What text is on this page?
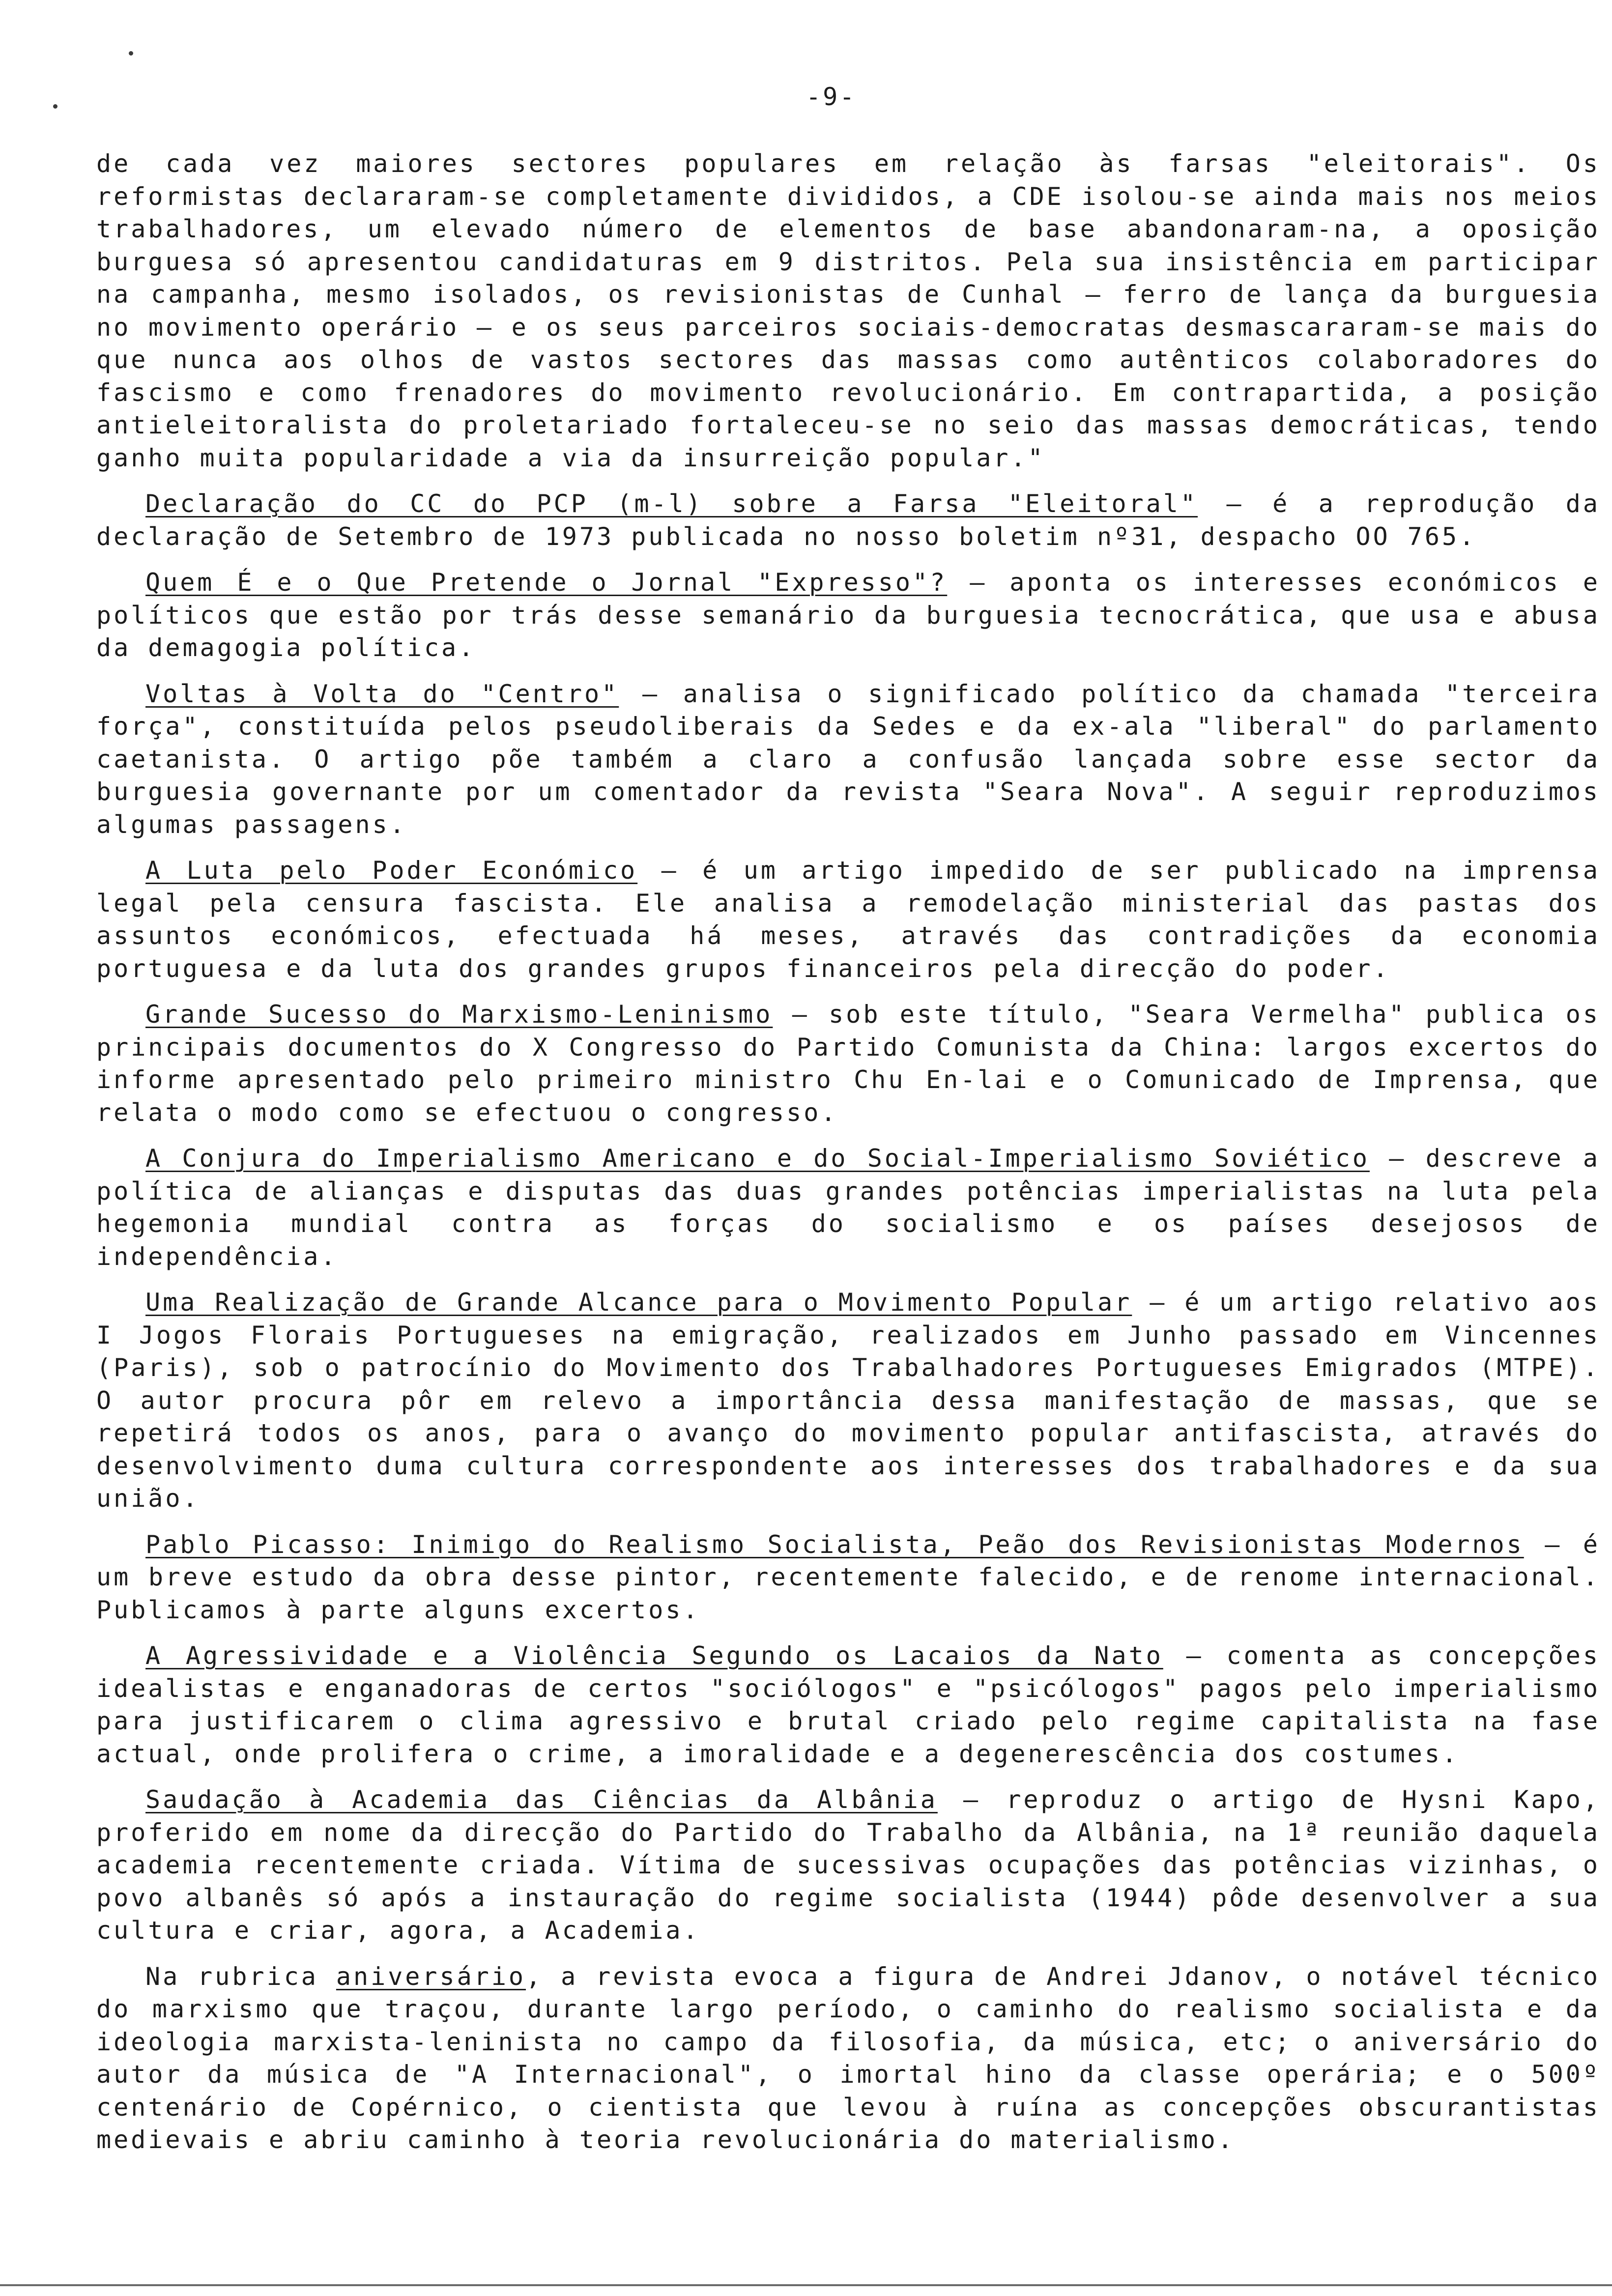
-9-

de cada vez maiores sectores populares em relação às farsas "eleitorais". Os reformistas declararam-se completamente divididos, a CDE isolou-se ainda mais nos meios trabalhadores, um elevado número de elementos de base abandonaram-na, a oposição burguesa só apresentou candidaturas em 9 distritos. Pela sua insistência em participar na campanha, mesmo isolados, os revisionistas de Cunhal — ferro de lança da burguesia no movimento operário — e os seus parceiros sociais-democratas desmascararam-se mais do que nunca aos olhos de vastos sectores das massas como autênticos colaboradores do fascismo e como frenadores do movimento revolucionário. Em contrapartida, a posição antieleitoralista do proletariado fortaleceu-se no seio das massas democráticas, tendo ganho muita popularidade a via da insurreição popular."

Declaração do CC do PCP (m-l) sobre a Farsa "Eleitoral" — é a reprodução da declaração de Setembro de 1973 publicada no nosso boletim nº31, despacho OO 765.

Quem É e o Que Pretende o Jornal "Expresso"? — aponta os interesses económicos e políticos que estão por trás desse semanário da burguesia tecnocrática, que usa e abusa da demagogia política.

Voltas à Volta do "Centro" — analisa o significado político da chamada "terceira força", constituída pelos pseudoliberais da Sedes e da ex-ala "liberal" do parlamento caetanista. O artigo põe também a claro a confusão lançada sobre esse sector da burguesia governante por um comentador da revista "Seara Nova". A seguir reproduzimos algumas passagens.

A Luta pelo Poder Económico — é um artigo impedido de ser publicado na imprensa legal pela censura fascista. Ele analisa a remodelação ministerial das pastas dos assuntos económicos, efectuada há meses, através das contradições da economia portuguesa e da luta dos grandes grupos financeiros pela direcção do poder.

Grande Sucesso do Marxismo-Leninismo — sob este título, "Seara Vermelha" publica os principais documentos do X Congresso do Partido Comunista da China: largos excertos do informe apresentado pelo primeiro ministro Chu En-lai e o Comunicado de Imprensa, que relata o modo como se efectuou o congresso.

A Conjura do Imperialismo Americano e do Social-Imperialismo Soviético — descreve a política de alianças e disputas das duas grandes potências imperialistas na luta pela hegemonia mundial contra as forças do socialismo e os países desejosos de independência.

Uma Realização de Grande Alcance para o Movimento Popular — é um artigo relativo aos I Jogos Florais Portugueses na emigração, realizados em Junho passado em Vincennes (Paris), sob o patrocínio do Movimento dos Trabalhadores Portugueses Emigrados (MTPE). O autor procura pôr em relevo a importância dessa manifestação de massas, que se repetirá todos os anos, para o avanço do movimento popular antifascista, através do desenvolvimento duma cultura correspondente aos interesses dos trabalhadores e da sua união.

Pablo Picasso: Inimigo do Realismo Socialista, Peão dos Revisionistas Modernos — é um breve estudo da obra desse pintor, recentemente falecido, e de renome internacional. Publicamos à parte alguns excertos.

A Agressividade e a Violência Segundo os Lacaios da Nato — comenta as concepções idealistas e enganadoras de certos "sociólogos" e "psicólogos" pagos pelo imperialismo para justificarem o clima agressivo e brutal criado pelo regime capitalista na fase actual, onde prolifera o crime, a imoralidade e a degenerescência dos costumes.

Saudação à Academia das Ciências da Albânia — reproduz o artigo de Hysni Kapo, proferido em nome da direcção do Partido do Trabalho da Albânia, na 1ª reunião daquela academia recentemente criada. Vítima de sucessivas ocupações das potências vizinhas, o povo albanês só após a instauração do regime socialista (1944) pôde desenvolver a sua cultura e criar, agora, a Academia.

Na rubrica aniversário, a revista evoca a figura de Andrei Jdanov, o notável técnico do marxismo que traçou, durante largo período, o caminho do realismo socialista e da ideologia marxista-leninista no campo da filosofia, da música, etc; o aniversário do autor da música de "A Internacional", o imortal hino da classe operária; e o 500º centenário de Copérnico, o cientista que levou à ruína as concepções obscurantistas medievais e abriu caminho à teoria revolucionária do materialismo.
